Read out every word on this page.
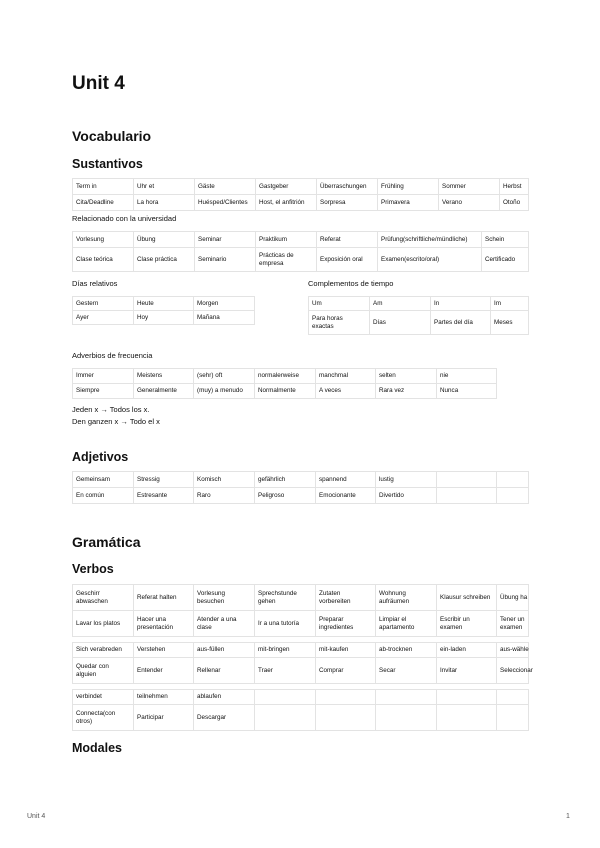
Unit 4
Vocabulario
Sustantivos
Term in	Uhr et	Gäste	Gastgeber	Überraschungen	Frühling	Sommer	Herbst
Cita/Deadline	La hora	Huésped/Clientes	Host, el anfitrión	Sorpresa	Primavera	Verano	Otoño
Relacionado con la universidad
Vorlesung	Übung	Seminar	Praktikum	Referat	Prüfung(schriftliche/mündliche)	Schein
Clase teórica	Clase práctica	Seminario	Prácticas de empresa	Exposición oral	Examen(escrito/oral)	Certificado
Días relativos	Complementos de tiempo
Gestern	Heute	Morgen
Ayer	Hoy	Mañana
Um	Am	In	Im
Para horas exactas	Días	Partes del día	Meses
Adverbios de frecuencia
Immer	Meistens	(sehr) oft	normalerweise	manchmal	selten	nie
Siempre	Generalmente	(muy) a menudo	Normalmente	A veces	Rara vez	Nunca
Jeden x → Todos los x.
Den ganzen x → Todo el x
Adjetivos
Gemeinsam	Stressig	Komisch	gefährlich	spannend	lustig		
En común	Estresante	Raro	Peligroso	Emocionante	Divertido		
Gramática
Verbos
Geschirr abwaschen	Referat halten	Vorlesung besuchen	Sprechstunde gehen	Zutaten vorbereiten	Wohnung aufräumen	Klausur schreiben	Übung ha
Lavar los platos	Hacer una presentación	Atender a una clase	Ir a una tutoría	Preparar ingredientes	Limpiar el apartamento	Escribir un examen	Tener un examen
Sich verabreden	Verstehen	aus-füllen	mit-bringen	mit-kaufen	ab-trocknen	ein-laden	aus-wähle
Quedar con alguien	Entender	Rellenar	Traer	Comprar	Secar	Invitar	Seleccionar
verbindet	teilnehmen	ablaufen					
Connecta(con otros)	Participar	Descargar					
Modales
Unit 4	1
